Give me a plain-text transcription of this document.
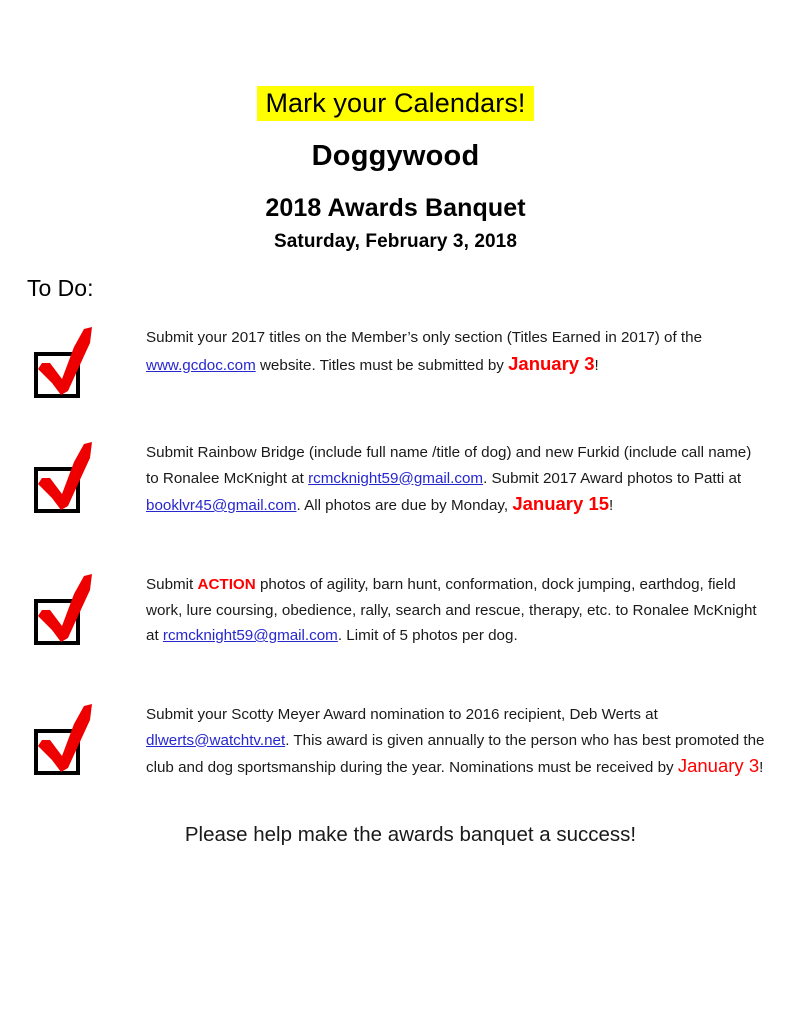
Mark your Calendars!
Doggywood
2018 Awards Banquet
Saturday, February 3, 2018
To Do:
Submit your 2017 titles on the Member’s only section (Titles Earned in 2017) of the www.gcdoc.com website. Titles must be submitted by January 3!
Submit Rainbow Bridge (include full name /title of dog) and new Furkid (include call name) to Ronalee McKnight at rcmcknight59@gmail.com. Submit 2017 Award photos to Patti at booklvr45@gmail.com. All photos are due by Monday, January 15!
Submit ACTION photos of agility, barn hunt, conformation, dock jumping, earthdog, field work, lure coursing, obedience, rally, search and rescue, therapy, etc. to Ronalee McKnight at rcmcknight59@gmail.com. Limit of 5 photos per dog.
Submit your Scotty Meyer Award nomination to 2016 recipient, Deb Werts at dlwerts@watchtv.net. This award is given annually to the person who has best promoted the club and dog sportsmanship during the year. Nominations must be received by January 3!
Please help make the awards banquet a success!
